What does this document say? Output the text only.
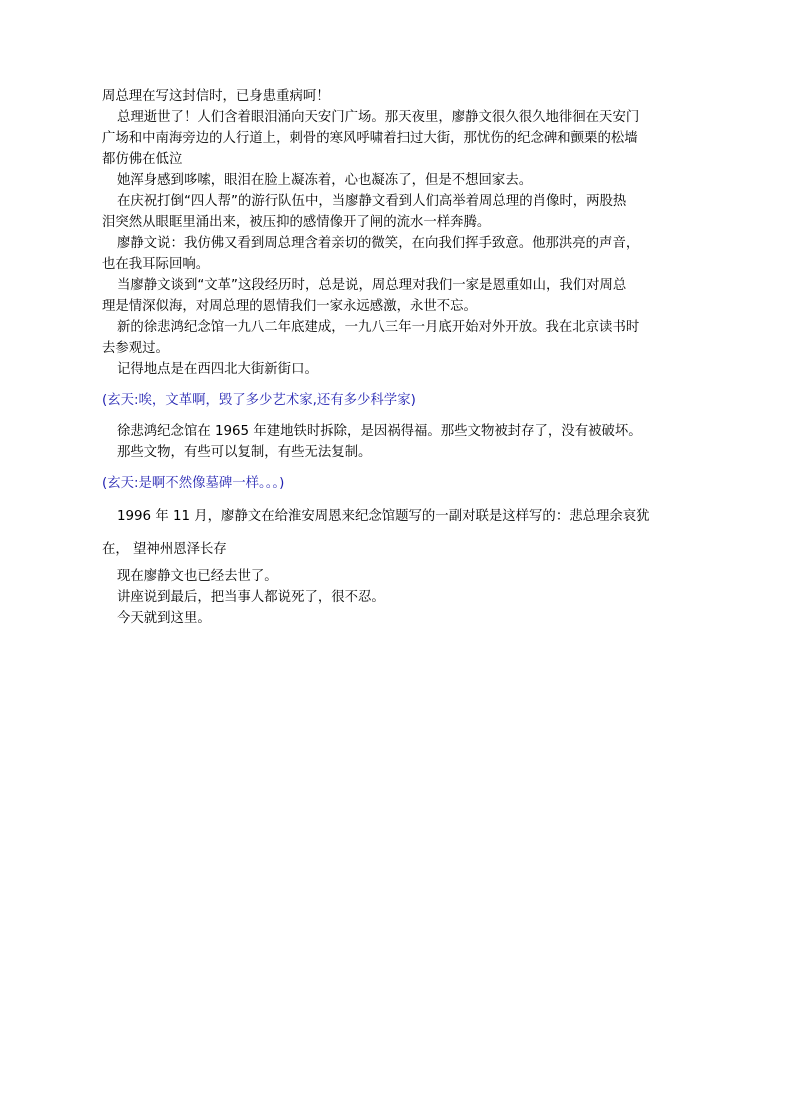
周总理在写这封信时，已身患重病呵！

总理逝世了！人们含着眼泪涌向天安门广场。那天夜里，廖静文很久很久地徘徊在天安门

广场和中南海旁边的人行道上，刺骨的寒风呼啸着扫过大街，那忧伤的纪念碑和颤栗的松墙

都仿佛在低泣

她浑身感到哆嗦，眼泪在脸上凝冻着，心也凝冻了，但是不想回家去。

在庆祝打倒“四人帮”的游行队伍中，当廖静文看到人们高举着周总理的肖像时，两股热

泪突然从眼眶里涌出来，被压抑的感情像开了闸的流水一样奔腾。

廖静文说：我仿佛又看到周总理含着亲切的微笑，在向我们挥手致意。他那洪亮的声音，

也在我耳际回响。

当廖静文谈到“文革”这段经历时，总是说，周总理对我们一家是恩重如山，我们对周总

理是情深似海，对周总理的恩情我们一家永远感激，永世不忘。

新的徐悲鸿纪念馆一九八二年底建成，一九八三年一月底开始对外开放。我在北京读书时

去参观过。

记得地点是在西四北大街新街口。

(玄天:唉，文革啊，毁了多少艺术家,还有多少科学家)

徐悲鸿纪念馆在 1965 年建地铁时拆除，是因祸得福。那些文物被封存了，没有被破坏。

那些文物，有些可以复制，有些无法复制。

(玄天:是啊不然像墓碑一样。。。)

1996 年 11 月，廖静文在给淮安周恩来纪念馆题写的一副对联是这样写的：悲总理余哀犹

在， 望神州恩泽长存

现在廖静文也已经去世了。

讲座说到最后，把当事人都说死了，很不忍。

今天就到这里。
